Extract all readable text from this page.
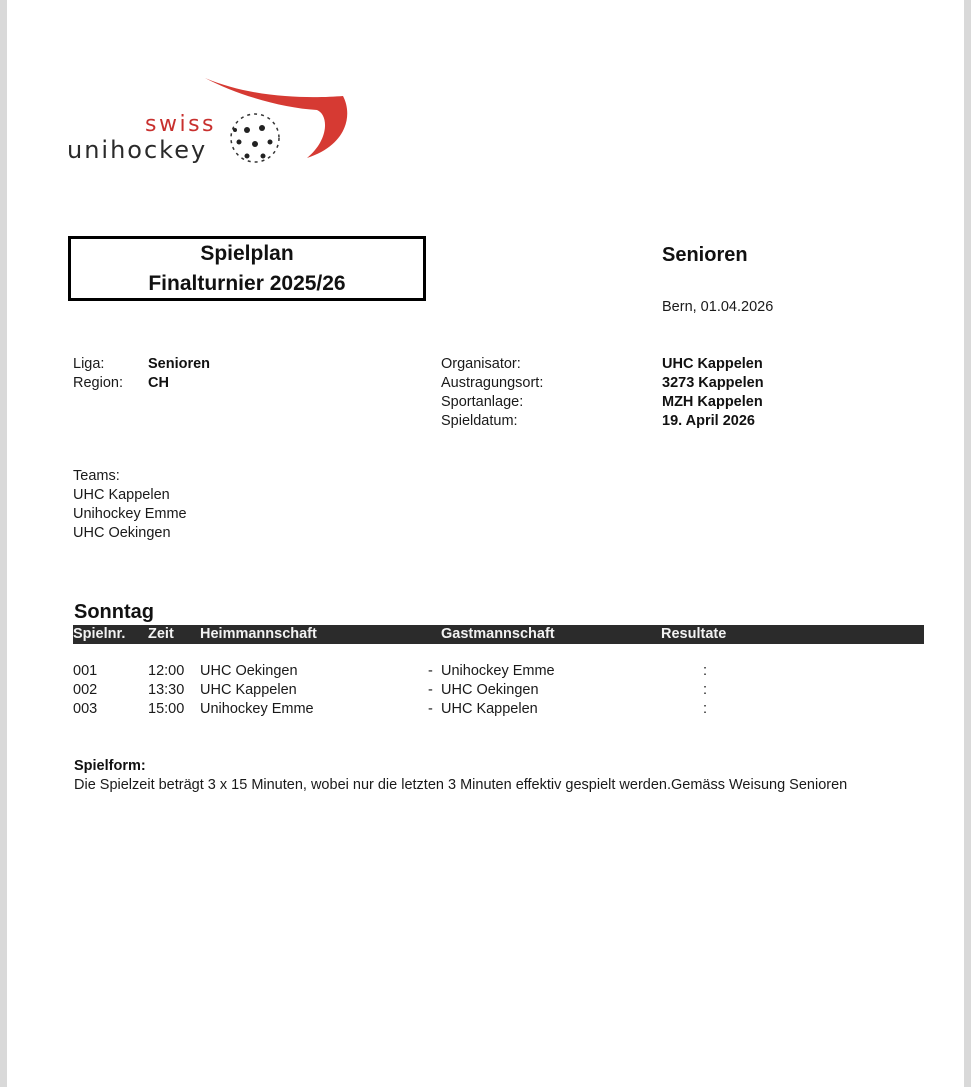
swiss
unihockey
Spielplan
Finalturnier 2025/26
Senioren
Bern, 01.04.2026
Liga:	Senioren
Region:	CH
Organisator:	UHC Kappelen
Austragungsort:	3273 Kappelen
Sportanlage:	MZH Kappelen
Spieldatum:	19. April 2026
Teams:
UHC Kappelen
Unihockey Emme
UHC Oekingen
Sonntag
Spielnr. Zeit Heimmannschaft	Gastmannschaft	Resultate
001	12:00 UHC Oekingen	- Unihockey Emme	:
002	13:30 UHC Kappelen	- UHC Oekingen	:
003	15:00 Unihockey Emme	- UHC Kappelen	:
Spielform:
Die Spielzeit beträgt 3 x 15 Minuten, wobei nur die letzten 3 Minuten effektiv gespielt werden.Gemäss Weisung Senioren
